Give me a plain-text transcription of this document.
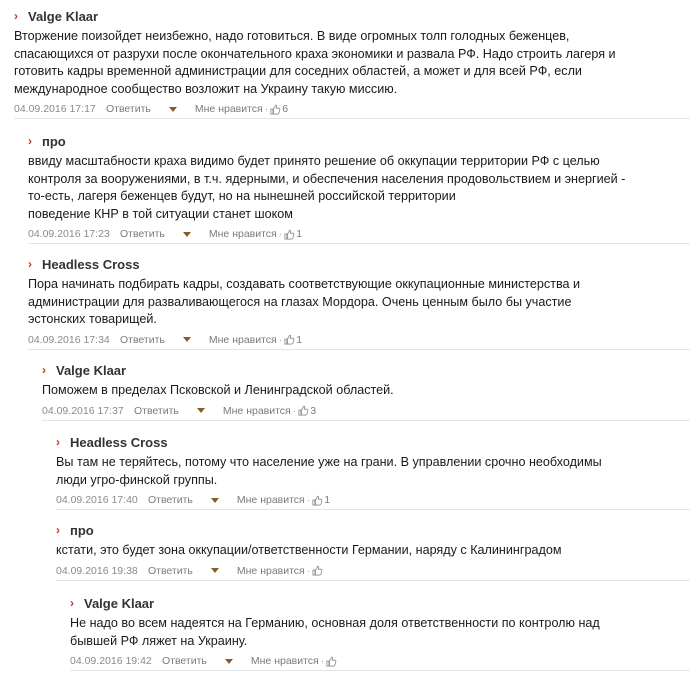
› Valge Klaar
Вторжение поизойдет неизбежно, надо готовиться. В виде огромных толп голодных беженцев,
спасающихся от разрухи после окончательного краха экономики и развала РФ. Надо строить лагеря и
готовить кадры временной администрации для соседних областей, а может и для всей РФ, если
международное сообщество возложит на Украину такую миссию.
04.09.2016 17:17 Ответить	Мне нравится · 6
› про
ввиду масштабности краха видимо будет принято решение об оккупации территории РФ с целью
контроля за вооружениями, в т.ч. ядерными, и обеспечения населения продовольствием и энергией -
то-есть, лагеря беженцев будут, но на нынешней российской территории
поведение КНР в той ситуации станет шоком
04.09.2016 17:23 Ответить	Мне нравится · 1
› Headless Cross
Пора начинать подбирать кадры, создавать соответствующие оккупационные министерства и
администрации для разваливающегося на глазах Мордора. Очень ценным было бы участие
эстонских товарищей.
04.09.2016 17:34 Ответить	Мне нравится · 1
› Valge Klaar
Поможем в пределах Псковской и Ленинградской областей.
04.09.2016 17:37 Ответить	Мне нравится · 3
› Headless Cross
Вы там не теряйтесь, потому что население уже на грани. В управлении срочно необходимы
люди угро-финской группы.
04.09.2016 17:40 Ответить	Мне нравится · 1
› про
кстати, это будет зона оккупации/ответственности Германии, наряду с Калининградом
04.09.2016 19:38 Ответить	Мне нравится ·
› Valge Klaar
Не надо во всем надеятся на Германию, основная доля ответственности по контролю над
бывшей РФ ляжет на Украину.
04.09.2016 19:42 Ответить	Мне нравится ·
